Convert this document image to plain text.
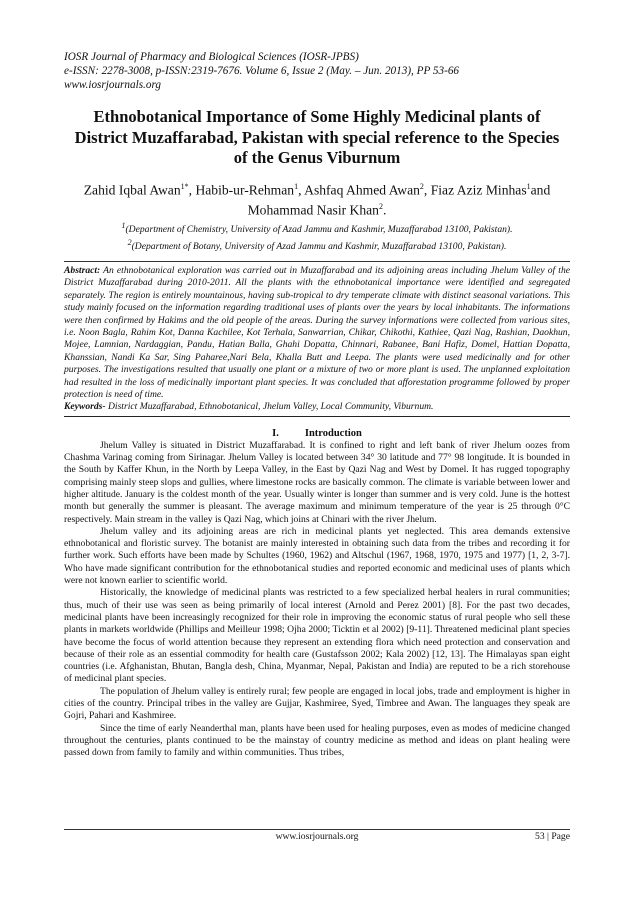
IOSR Journal of Pharmacy and Biological Sciences (IOSR-JPBS)
e-ISSN: 2278-3008, p-ISSN:2319-7676. Volume 6, Issue 2 (May. – Jun. 2013), PP 53-66
www.iosrjournals.org
Ethnobotanical Importance of Some Highly Medicinal plants of District Muzaffarabad, Pakistan with special reference to the Species of the Genus Viburnum
Zahid Iqbal Awan$^{1*}$, Habib-ur-Rehman$^1$, Ashfaq Ahmed Awan$^2$, Fiaz Aziz Minhas$^1$and Mohammad Nasir Khan$^2$.
$^1$(Department of Chemistry, University of Azad Jammu and Kashmir, Muzaffarabad 13100, Pakistan).
$^2$(Department of Botany, University of Azad Jammu and Kashmir, Muzaffarabad 13100, Pakistan).
Abstract: An ethnobotanical exploration was carried out in Muzaffarabad and its adjoining areas including Jhelum Valley of the District Muzaffarabad during 2010-2011. All the plants with the ethnobotanical importance were identified and segregated separately. The region is entirely mountainous, having sub-tropical to dry temperate climate with distinct seasonal variations. This study mainly focused on the information regarding traditional uses of plants over the years by local inhabitants. The informations were then confirmed by Hakims and the old people of the areas. During the survey informations were collected from various sites, i.e. Noon Bagla, Rahim Kot, Danna Kachilee, Kot Terhala, Sanwarrian, Chikar, Chikothi, Kathiee, Qazi Nag, Rashian, Daokhun, Mojee, Lamnian, Nardaggian, Pandu, Hatian Balla, Ghahi Dopatta, Chinnari, Rabanee, Bani Hafiz, Domel, Hattian Dopatta, Khanssian, Nandi Ka Sar, Sing Paharee,Nari Bela, Khalla Butt and Leepa. The plants were used medicinally and for other purposes. The investigations resulted that usually one plant or a mixture of two or more plant is used. The unplanned exploitation had resulted in the loss of medicinally important plant species. It was concluded that afforestation programme followed by proper protection is need of time.
Keywords- District Muzaffarabad, Ethnobotanical, Jhelum Valley, Local Community, Viburnum.
I. Introduction

Jhelum Valley is situated in District Muzaffarabad. It is confined to right and left bank of river Jhelum oozes from Chashma Varinag coming from Sirinagar. Jhelum Valley is located between 34° 30 latitude and 77° 98 longitude. It is bounded in the South by Kaffer Khun, in the North by Leepa Valley, in the East by Qazi Nag and West by Domel. It has rugged topography comprising mainly steep slops and gullies, where limestone rocks are basically common. The climate is variable between lower and higher altitude. January is the coldest month of the year. Usually winter is longer than summer and is very cold. June is the hottest month but generally the summer is pleasant. The average maximum and minimum temperature of the year is 25 through 0°C respectively. Main stream in the valley is Qazi Nag, which joins at Chinari with the river Jhelum.

Jhelum valley and its adjoining areas are rich in medicinal plants yet neglected. This area demands extensive ethnobotanical and floristic survey. The botanist are mainly interested in obtaining such data from the tribes and recording it for further work. Such efforts have been made by Schultes (1960, 1962) and Altschul (1967, 1968, 1970, 1975 and 1977) [1, 2, 3-7]. Who have made significant contribution for the ethnobotanical studies and reported economic and medicinal uses of plants which were not known earlier to scientific world.

Historically, the knowledge of medicinal plants was restricted to a few specialized herbal healers in rural communities; thus, much of their use was seen as being primarily of local interest (Arnold and Perez 2001) [8]. For the past two decades, medicinal plants have been increasingly recognized for their role in improving the economic status of rural people who sell these plants in markets worldwide (Phillips and Meilleur 1998; Ojha 2000; Ticktin et al 2002) [9-11]. Threatened medicinal plant species have become the focus of world attention because they represent an extending flora which need protection and conservation and because of their role as an essential commodity for health care (Gustafsson 2002; Kala 2002) [12, 13]. The Himalayas span eight countries (i.e. Afghanistan, Bhutan, Bangla desh, China, Myanmar, Nepal, Pakistan and India) are reputed to be a rich storehouse of medicinal plant species.

The population of Jhelum valley is entirely rural; few people are engaged in local jobs, trade and employment is higher in cities of the country. Principal tribes in the valley are Gujjar, Kashmiree, Syed, Timbree and Awan. The languages they speak are Gojri, Pahari and Kashmiree.

Since the time of early Neanderthal man, plants have been used for healing purposes, even as modes of medicine changed throughout the centuries, plants continued to be the mainstay of country medicine as method and ideas on plant healing were passed down from family to family and within communities. Thus tribes,

www.iosrjournals.org	53 | Page
